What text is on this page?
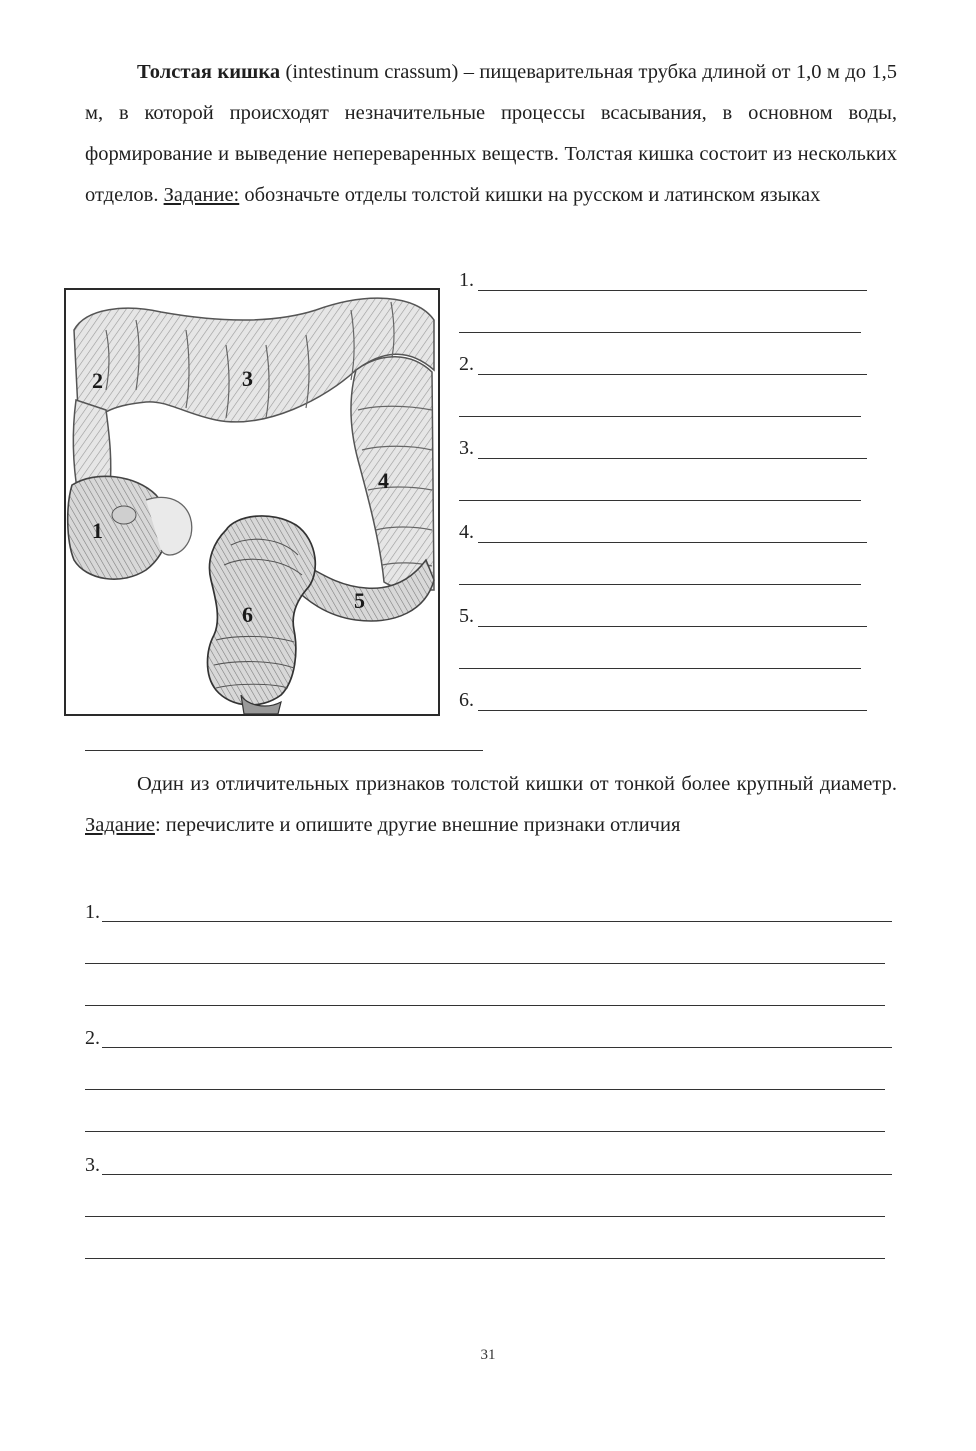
Толстая кишка (intestinum crassum) – пищеварительная трубка длиной от 1,0 м до 1,5 м, в которой происходят незначительные процессы всасывания, в основном воды, формирование и выведение непереваренных веществ. Толстая кишка состоит из нескольких отделов. Задание: обозначьте отделы толстой кишки на русском и латинском языках

2	3
4
1
5
6
1.
2.
3.
4.
5.
6.

Один из отличительных признаков толстой кишки от тонкой более крупный диаметр. Задание: перечислите и опишите другие внешние признаки отличия

1.
2.
3.
31
